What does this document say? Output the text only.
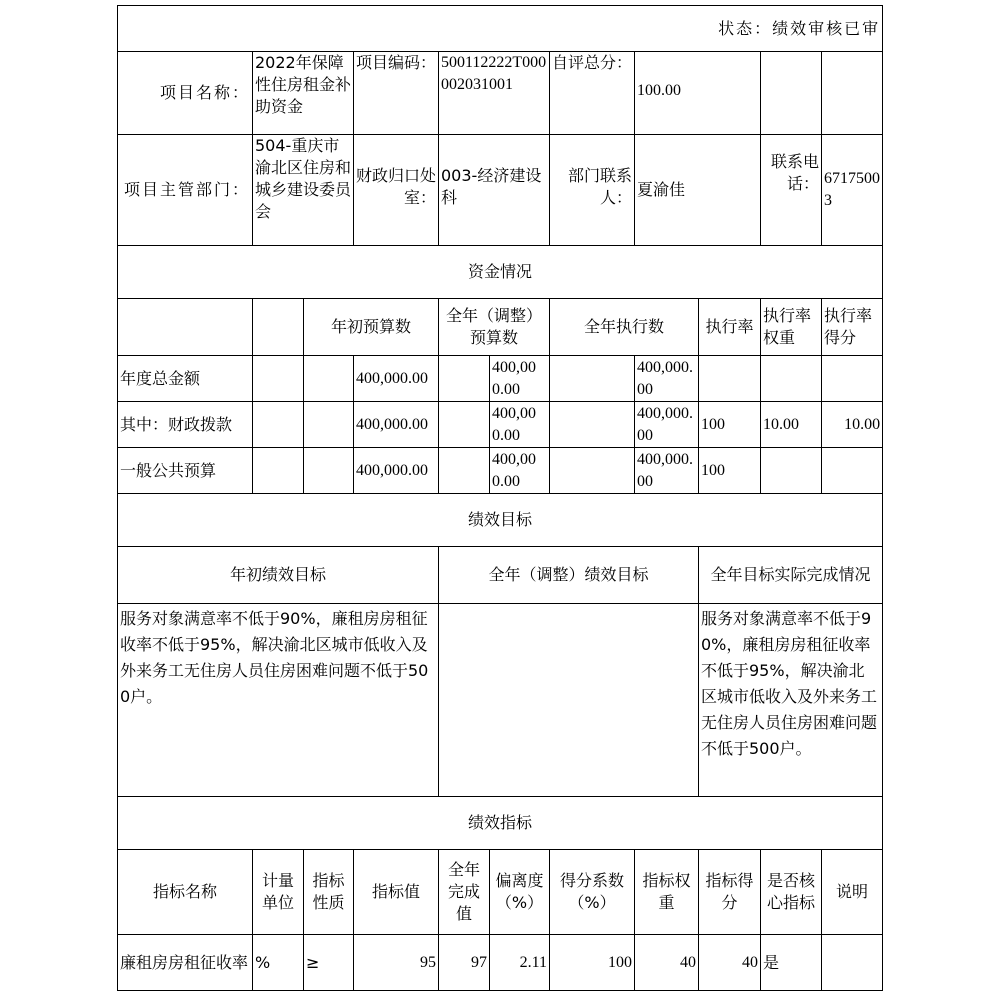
状态：绩效审核已审										
项目名称：	2022年保障性住房租金补助资金		项目编码：	500112222T000002031001		自评总分：	100.00			
项目主管部门：	504-重庆市渝北区住房和城乡建设委员会		财政归口处室：	003-经济建设科		部门联系人：	夏渝佳		联系电话：	67175003
资金情况										
		年初预算数		全年（调整）预算数		全年执行数		执行率	执行率权重	执行率得分
年度总金额			400,000.00		400,000.00		400,000.00			
其中：财政拨款			400,000.00		400,000.00		400,000.00	100	10.00	10.00
一般公共预算			400,000.00		400,000.00		400,000.00	100		
绩效目标										
年初绩效目标				全年（调整）绩效目标				全年目标实际完成情况		
服务对象满意率不低于90%，廉租房房租征收率不低于95%，解决渝北区城市低收入及外来务工无住房人员住房困难问题不低于500户。								服务对象满意率不低于90%，廉租房房租征收率不低于95%，解决渝北区城市低收入及外来务工无住房人员住房困难问题不低于500户。		
绩效指标										
指标名称	计量单位	指标性质	指标值	全年完成值	偏离度（%）	得分系数（%）	指标权重	指标得分	是否核心指标	说明
廉租房房租征收率	%	≥	95	97	2.11	100	40	40	是	
